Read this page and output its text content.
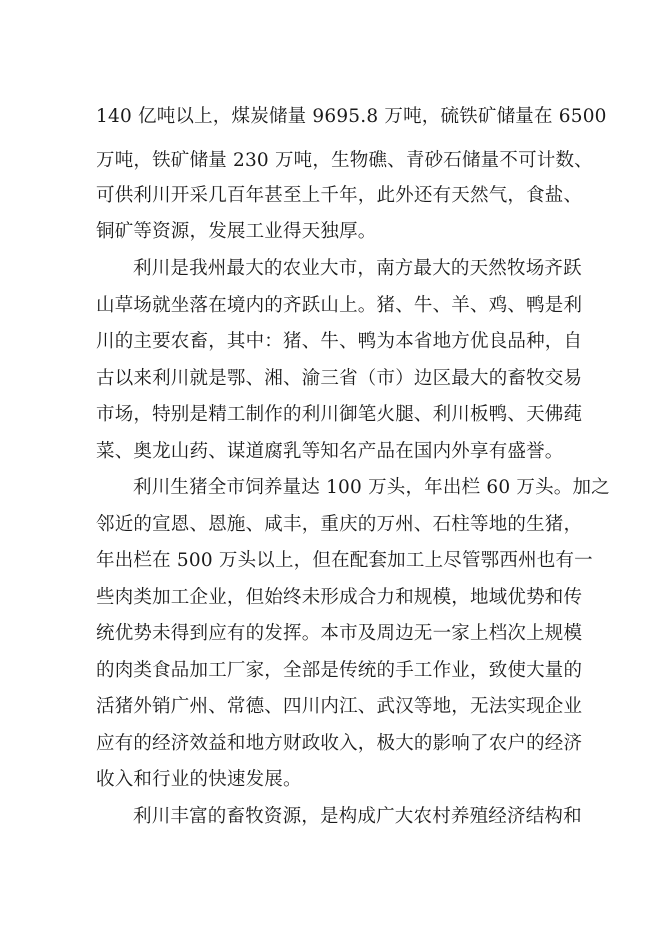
140 亿吨以上，煤炭储量 9695.8 万吨，硫铁矿储量在 6500
万吨，铁矿储量 230 万吨，生物礁、青砂石储量不可计数、
可供利川开采几百年甚至上千年，此外还有天然气，食盐、
铜矿等资源，发展工业得天独厚。
利川是我州最大的农业大市，南方最大的天然牧场齐跃
山草场就坐落在境内的齐跃山上。猪、牛、羊、鸡、鸭是利
川的主要农畜，其中：猪、牛、鸭为本省地方优良品种，自
古以来利川就是鄂、湘、渝三省（市）边区最大的畜牧交易
市场，特别是精工制作的利川御笔火腿、利川板鸭、天佛莼
菜、奥龙山药、谋道腐乳等知名产品在国内外享有盛誉。
利川生猪全市饲养量达 100 万头，年出栏 60 万头。加之
邻近的宣恩、恩施、咸丰，重庆的万州、石柱等地的生猪，
年出栏在 500 万头以上，但在配套加工上尽管鄂西州也有一
些肉类加工企业，但始终未形成合力和规模，地域优势和传
统优势未得到应有的发挥。本市及周边无一家上档次上规模
的肉类食品加工厂家，全部是传统的手工作业，致使大量的
活猪外销广州、常德、四川内江、武汉等地，无法实现企业
应有的经济效益和地方财政收入，极大的影响了农户的经济
收入和行业的快速发展。
利川丰富的畜牧资源，是构成广大农村养殖经济结构和
